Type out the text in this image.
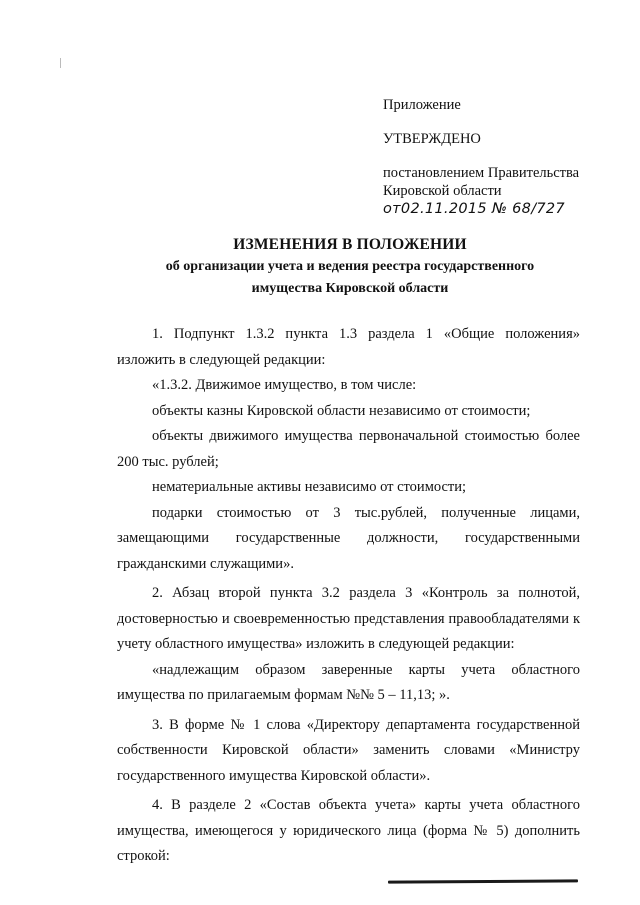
Приложение
УТВЕРЖДЕНО
постановлением Правительства
Кировской области
от02.11.2015 № 68/727
ИЗМЕНЕНИЯ В ПОЛОЖЕНИИ
об организации учета и ведения реестра государственного
имущества Кировской области

1. Подпункт 1.3.2 пункта 1.3 раздела 1 «Общие положения» изложить в следующей редакции:

«1.3.2. Движимое имущество, в том числе:

объекты казны Кировской области независимо от стоимости;

объекты движимого имущества первоначальной стоимостью более 200 тыс. рублей;

нематериальные активы независимо от стоимости;

подарки стоимостью от 3 тыс.рублей, полученные лицами, замещающими государственные должности, государственными гражданскими служащими».

2. Абзац второй пункта 3.2 раздела 3 «Контроль за полнотой, достоверностью и своевременностью представления правообладателями к учету областного имущества» изложить в следующей редакции:

«надлежащим образом заверенные карты учета областного имущества по прилагаемым формам №№ 5 – 11,13; ».

3. В форме № 1 слова «Директору департамента государственной собственности Кировской области» заменить словами «Министру государственного имущества Кировской области».

4. В разделе 2 «Состав объекта учета» карты учета областного имущества, имеющегося у юридического лица (форма № 5) дополнить строкой:
